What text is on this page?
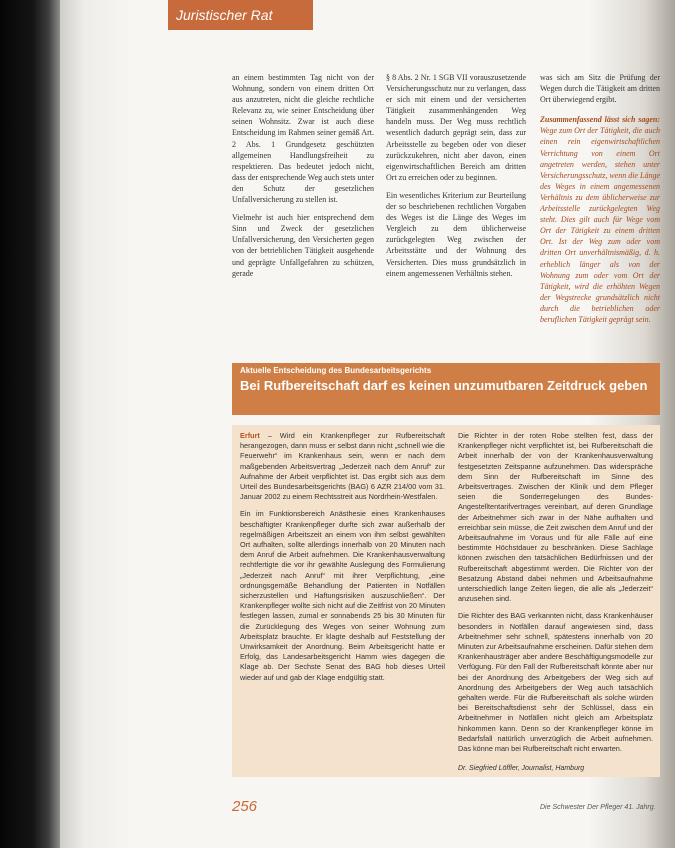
Juristischer Rat

an einem bestimmten Tag nicht von der Wohnung, sondern von einem dritten Ort aus anzutreten, nicht die gleiche rechtliche Relevanz zu, wie seiner Entscheidung über seinen Wohnsitz. Zwar ist auch diese Entscheidung im Rahmen seiner gemäß Art. 2 Abs. 1 Grundgesetz geschützten allgemeinen Handlungsfreiheit zu respektieren. Das bedeutet jedoch nicht, dass der entsprechende Weg auch stets unter den Schutz der gesetzlichen Unfallversicherung zu stellen ist.

Vielmehr ist auch hier entsprechend dem Sinn und Zweck der gesetzlichen Unfallversicherung, den Versicherten gegen von der betrieblichen Tätigkeit ausgehende und geprägte Unfallgefahren zu schützen, gerade

§ 8 Abs. 2 Nr. 1 SGB VII vorauszusetzende Versicherungsschutz nur zu verlangen, dass er sich mit einem und der versicherten Tätigkeit zusammenhängenden Weg handeln muss. Der Weg muss rechtlich wesentlich dadurch geprägt sein, dass zur Arbeitsstelle zu begeben oder von dieser zurückzukehren, nicht aber davon, einen eigenwirtschaftlichen Bereich am dritten Ort zu erreichen oder zu beginnen.

Ein wesentliches Kriterium zur Beurteilung der so beschriebenen rechtlichen Vorgaben des Weges ist die Länge des Weges im Vergleich zu dem üblicherweise zurückgelegten Weg zwischen der Arbeitsstätte und der Wohnung des Versicherten. Dies muss grundsätzlich in einem angemessenen Verhältnis stehen.

was sich am Sitz die Prüfung der Wegen durch die Tätigkeit am dritten Ort überwiegend ergibt.

Zusammenfassend lässt sich sagen: Wege zum Ort der Tätigkeit, die auch einen rein eigenwirtschaftlichen Verrichtung von einem Ort angetreten werden, stehen unter Versicherungsschutz, wenn die Länge des Weges in einem angemessenen Verhältnis zu dem üblicherweise zur Arbeitsstelle zurückgelegten Weg steht. Dies gilt auch für Wege vom Ort der Tätigkeit zu einem dritten Ort. Ist der Weg zum oder vom dritten Ort unverhältnismäßig, d. h. erheblich länger als von der Wohnung zum oder vom Ort der Tätigkeit, wird die erhöhten Wegen der Wegstrecke grundsätzlich nicht durch die betrieblichen oder beruflichen Tätigkeit geprägt sein.

Aktuelle Entscheidung des Bundesarbeitsgerichts
Bei Rufbereitschaft darf es keinen unzumutbaren Zeitdruck geben

Erfurt – Wird ein Krankenpfleger zur Rufbereitschaft herangezogen, dann muss er selbst dann nicht „schnell wie die Feuerwehr“ im Krankenhaus sein, wenn er nach dem maßgebenden Arbeitsvertrag „Jederzeit nach dem Anruf“ zur Aufnahme der Arbeit verpflichtet ist. Das ergibt sich aus dem Urteil des Bundesarbeitsgerichts (BAG) 6 AZR 214/00 vom 31. Januar 2002 zu einem Rechtsstreit aus Nordrhein-Westfalen.

Ein im Funktionsbereich Anästhesie eines Krankenhauses beschäftigter Krankenpfleger durfte sich zwar außerhalb der regelmäßigen Arbeitszeit an einem von ihm selbst gewählten Ort aufhalten, sollte allerdings innerhalb von 20 Minuten nach dem Anruf die Arbeit aufnehmen. Die Krankenhausverwaltung rechtfertigte die vor ihr gewählte Auslegung des Formulierung „Jederzeit nach Anruf“ mit ihrer Verpflichtung, „eine ordnungsgemäße Behandlung der Patienten in Notfällen sicherzustellen und Haftungsrisiken auszuschließen“. Der Krankenpfleger wollte sich nicht auf die Zeitfrist von 20 Minuten festlegen lassen, zumal er sonnabends 25 bis 30 Minuten für die Zurücklegung des Weges von seiner Wohnung zum Arbeitsplatz brauchte. Er klagte deshalb auf Feststellung der Unwirksamkeit der Anordnung. Beim Arbeitsgericht hatte er Erfolg, das Landesarbeitsgericht Hamm wies dagegen die Klage ab. Der Sechste Senat des BAG hob dieses Urteil wieder auf und gab der Klage endgültig statt.

Die Richter in der roten Robe stellten fest, dass der Krankenpfleger nicht verpflichtet ist, bei Rufbereitschaft die Arbeit innerhalb der von der Krankenhausverwaltung festgesetzten Zeitspanne aufzunehmen. Das widerspräche dem Sinn der Rufbereitschaft im Sinne des Arbeitsvertrages. Zwischen der Klinik und dem Pfleger seien die Sonderregelungen des Bundes-Angestelltentarifvertrages vereinbart, auf deren Grundlage der Arbeitnehmer sich zwar in der Nähe aufhalten und erreichbar sein müsse, die Zeit zwischen dem Anruf und der Arbeitsaufnahme im Voraus und für alle Fälle auf eine bestimmte Höchstdauer zu beschränken. Diese Sachlage können zwischen den tatsächlichen Bedürfnissen und der Rufbereitschaft abgestimmt werden. Die Richter von der Besatzung Abstand dabei nehmen und Arbeitsaufnahme unterschiedlich lange Zeiten liegen, die alle als „Jederzeit“ anzusehen sind.

Die Richter des BAG verkannten nicht, dass Krankenhäuser besonders in Notfällen darauf angewiesen sind, dass Arbeitnehmer sehr schnell, spätestens innerhalb von 20 Minuten zur Arbeitsaufnahme erscheinen. Dafür stehen dem Krankenhausträger aber andere Beschäftigungsmodelle zur Verfügung. Für den Fall der Rufbereitschaft könnte aber nur bei der Anordnung des Arbeitgebers der Weg sich auf Anordnung des Arbeitgebers der Weg auch tatsächlich gehalten werde. Für die Rufbereitschaft als solche würden bei Bereitschaftsdienst sehr der Schlüssel, dass ein Arbeitnehmer in Notfällen nicht gleich am Arbeitsplatz hinkommen kann. Denn so der Krankenpfleger könne im Bedarfsfall natürlich unverzüglich die Arbeit aufnehmen. Das könne man bei Rufbereitschaft nicht erwarten.

Dr. Siegfried Löffler, Journalist, Hamburg
256	Die Schwester Der Pfleger 41. Jahrg.
